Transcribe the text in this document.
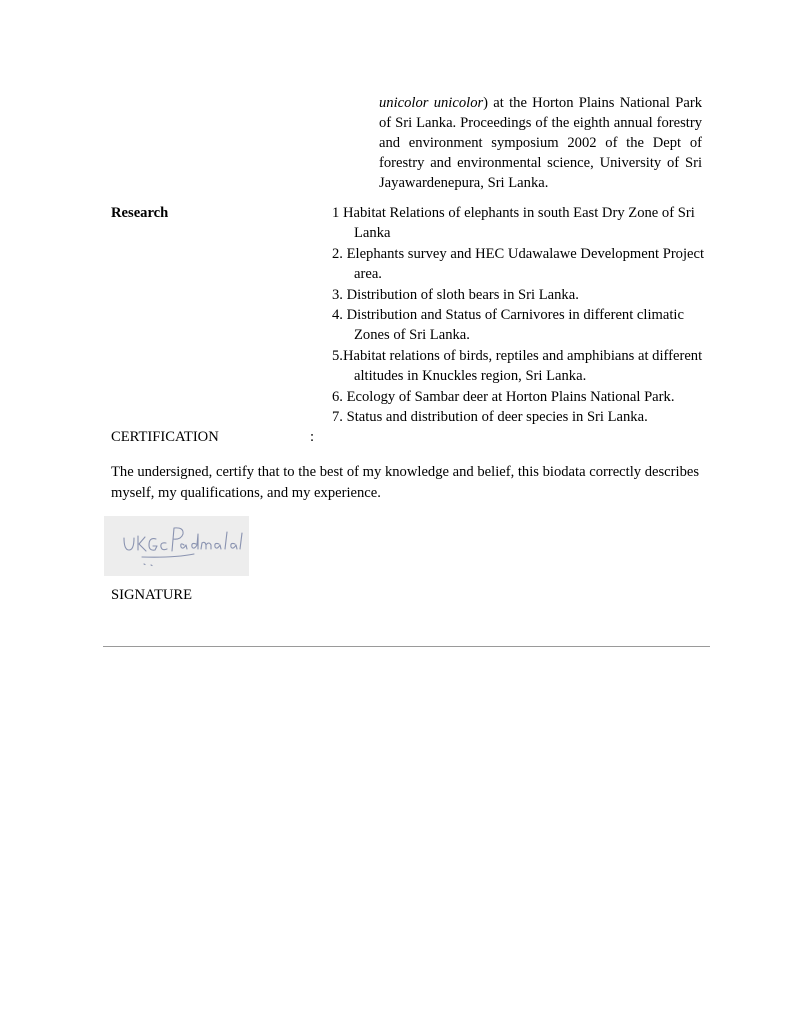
unicolor unicolor) at the Horton Plains National Park of Sri Lanka. Proceedings of the eighth annual forestry and environment symposium 2002 of the Dept of forestry and environmental science, University of Sri Jayawardenepura, Sri Lanka.
Research	1 Habitat Relations of elephants in south East Dry Zone of Sri Lanka
2. Elephants survey and HEC Udawalawe Development Project area.
3. Distribution of sloth bears in Sri Lanka.
4. Distribution and Status of Carnivores in different climatic Zones of Sri Lanka.
5.Habitat relations of birds, reptiles and amphibians at different altitudes in Knuckles region, Sri Lanka.
6. Ecology of Sambar deer at Horton Plains National Park.
7. Status and distribution of deer species in Sri Lanka.
CERTIFICATION	:
The undersigned, certify that to the best of my knowledge and belief, this biodata correctly describes myself, my qualifications, and my experience.
SIGNATURE
